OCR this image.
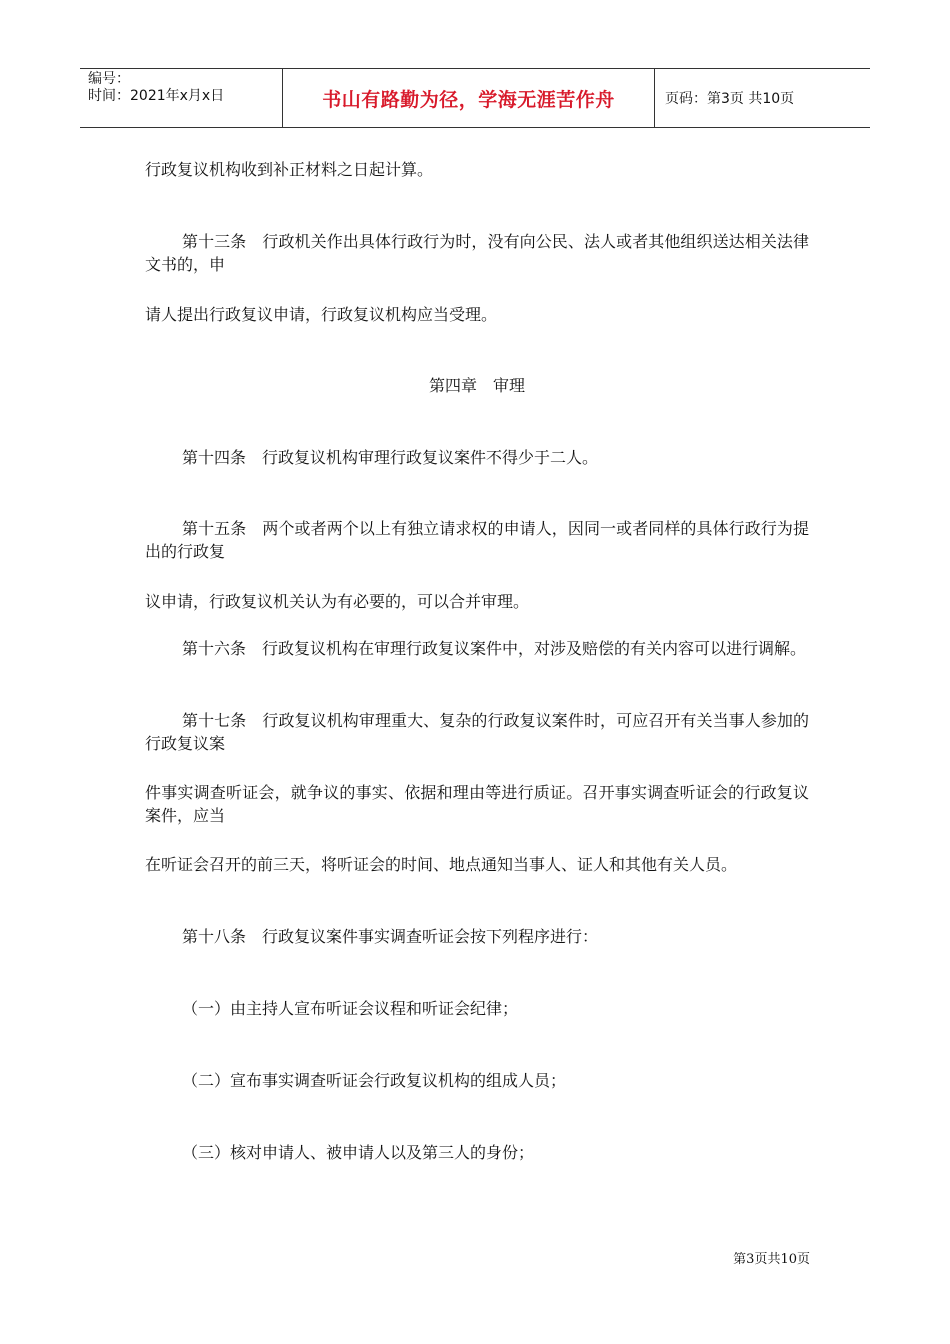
编号：
时间：2021年x月x日	书山有路勤为径，学海无涯苦作舟	页码：第3页 共10页

行政复议机构收到补正材料之日起计算。

第十三条　行政机关作出具体行政行为时，没有向公民、法人或者其他组织送达相关法律文书的，申

请人提出行政复议申请，行政复议机构应当受理。

第四章　审理

第十四条　行政复议机构审理行政复议案件不得少于二人。

第十五条　两个或者两个以上有独立请求权的申请人，因同一或者同样的具体行政行为提出的行政复

议申请，行政复议机关认为有必要的，可以合并审理。

第十六条　行政复议机构在审理行政复议案件中，对涉及赔偿的有关内容可以进行调解。

第十七条　行政复议机构审理重大、复杂的行政复议案件时，可应召开有关当事人参加的行政复议案

件事实调查听证会，就争议的事实、依据和理由等进行质证。召开事实调查听证会的行政复议案件，应当

在听证会召开的前三天，将听证会的时间、地点通知当事人、证人和其他有关人员。

第十八条　行政复议案件事实调查听证会按下列程序进行：

（一）由主持人宣布听证会议程和听证会纪律；

（二）宣布事实调查听证会行政复议机构的组成人员；

（三）核对申请人、被申请人以及第三人的身份；

第3页共10页
